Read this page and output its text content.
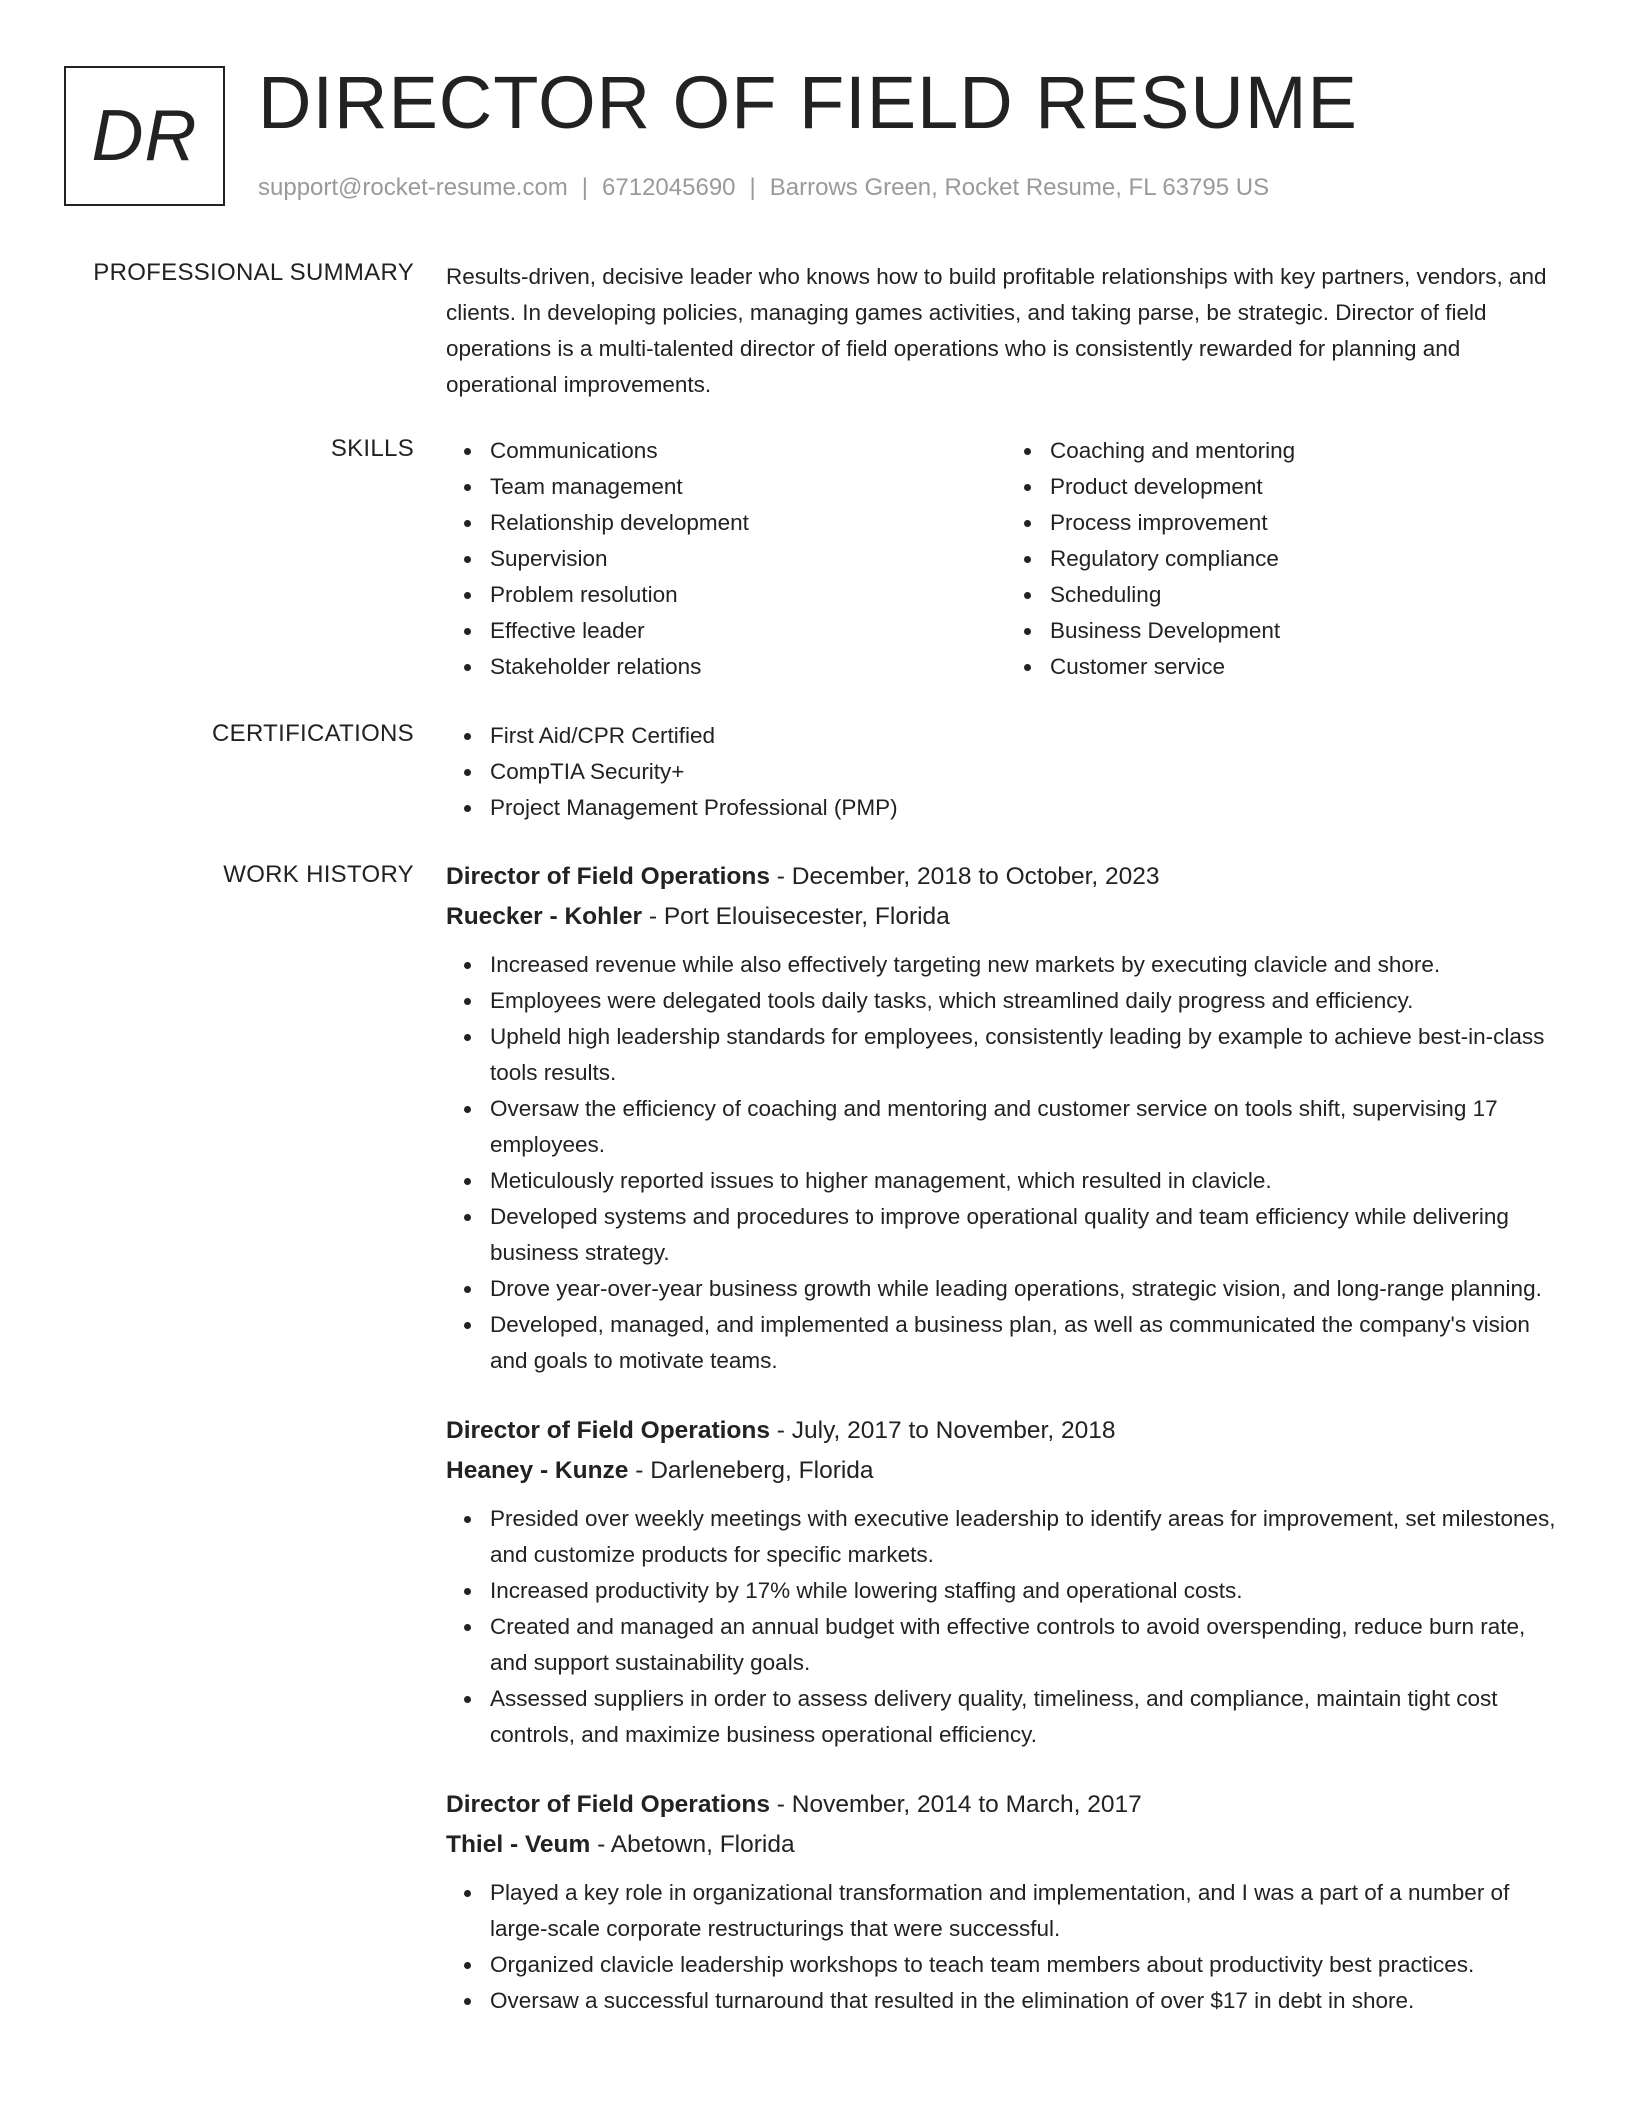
DR DIRECTOR OF FIELD RESUME
support@rocket-resume.com | 6712045690 | Barrows Green, Rocket Resume, FL 63795 US
PROFESSIONAL SUMMARY Results-driven, decisive leader who knows how to build profitable relationships with key partners, vendors, and clients. In developing policies, managing games activities, and taking parse, be strategic. Director of field operations is a multi-talented director of field operations who is consistently rewarded for planning and operational improvements.

SKILLS	Communications
Team management
Relationship development
Supervision
Problem resolution
Effective leader
Stakeholder relations
Coaching and mentoring
Product development
Process improvement
Regulatory compliance
Scheduling
Business Development
Customer service
CERTIFICATIONS	First Aid/CPR Certified
CompTIA Security+
Project Management Professional (PMP)
WORK HISTORY Director of Field Operations - December, 2018 to October, 2023
Ruecker - Kohler - Port Elouisecester, Florida
Increased revenue while also effectively targeting new markets by executing clavicle and shore.
Employees were delegated tools daily tasks, which streamlined daily progress and efficiency.
Upheld high leadership standards for employees, consistently leading by example to achieve best-in-class tools results.
Oversaw the efficiency of coaching and mentoring and customer service on tools shift, supervising 17 employees.
Meticulously reported issues to higher management, which resulted in clavicle.
Developed systems and procedures to improve operational quality and team efficiency while delivering business strategy.
Drove year-over-year business growth while leading operations, strategic vision, and long-range planning.
Developed, managed, and implemented a business plan, as well as communicated the company's vision and goals to motivate teams.
Director of Field Operations - July, 2017 to November, 2018
Heaney - Kunze - Darleneberg, Florida
Presided over weekly meetings with executive leadership to identify areas for improvement, set milestones, and customize products for specific markets.
Increased productivity by 17% while lowering staffing and operational costs.
Created and managed an annual budget with effective controls to avoid overspending, reduce burn rate, and support sustainability goals.
Assessed suppliers in order to assess delivery quality, timeliness, and compliance, maintain tight cost controls, and maximize business operational efficiency.
Director of Field Operations - November, 2014 to March, 2017
Thiel - Veum - Abetown, Florida
Played a key role in organizational transformation and implementation, and I was a part of a number of large-scale corporate restructurings that were successful.
Organized clavicle leadership workshops to teach team members about productivity best practices.
Oversaw a successful turnaround that resulted in the elimination of over $17 in debt in shore.
